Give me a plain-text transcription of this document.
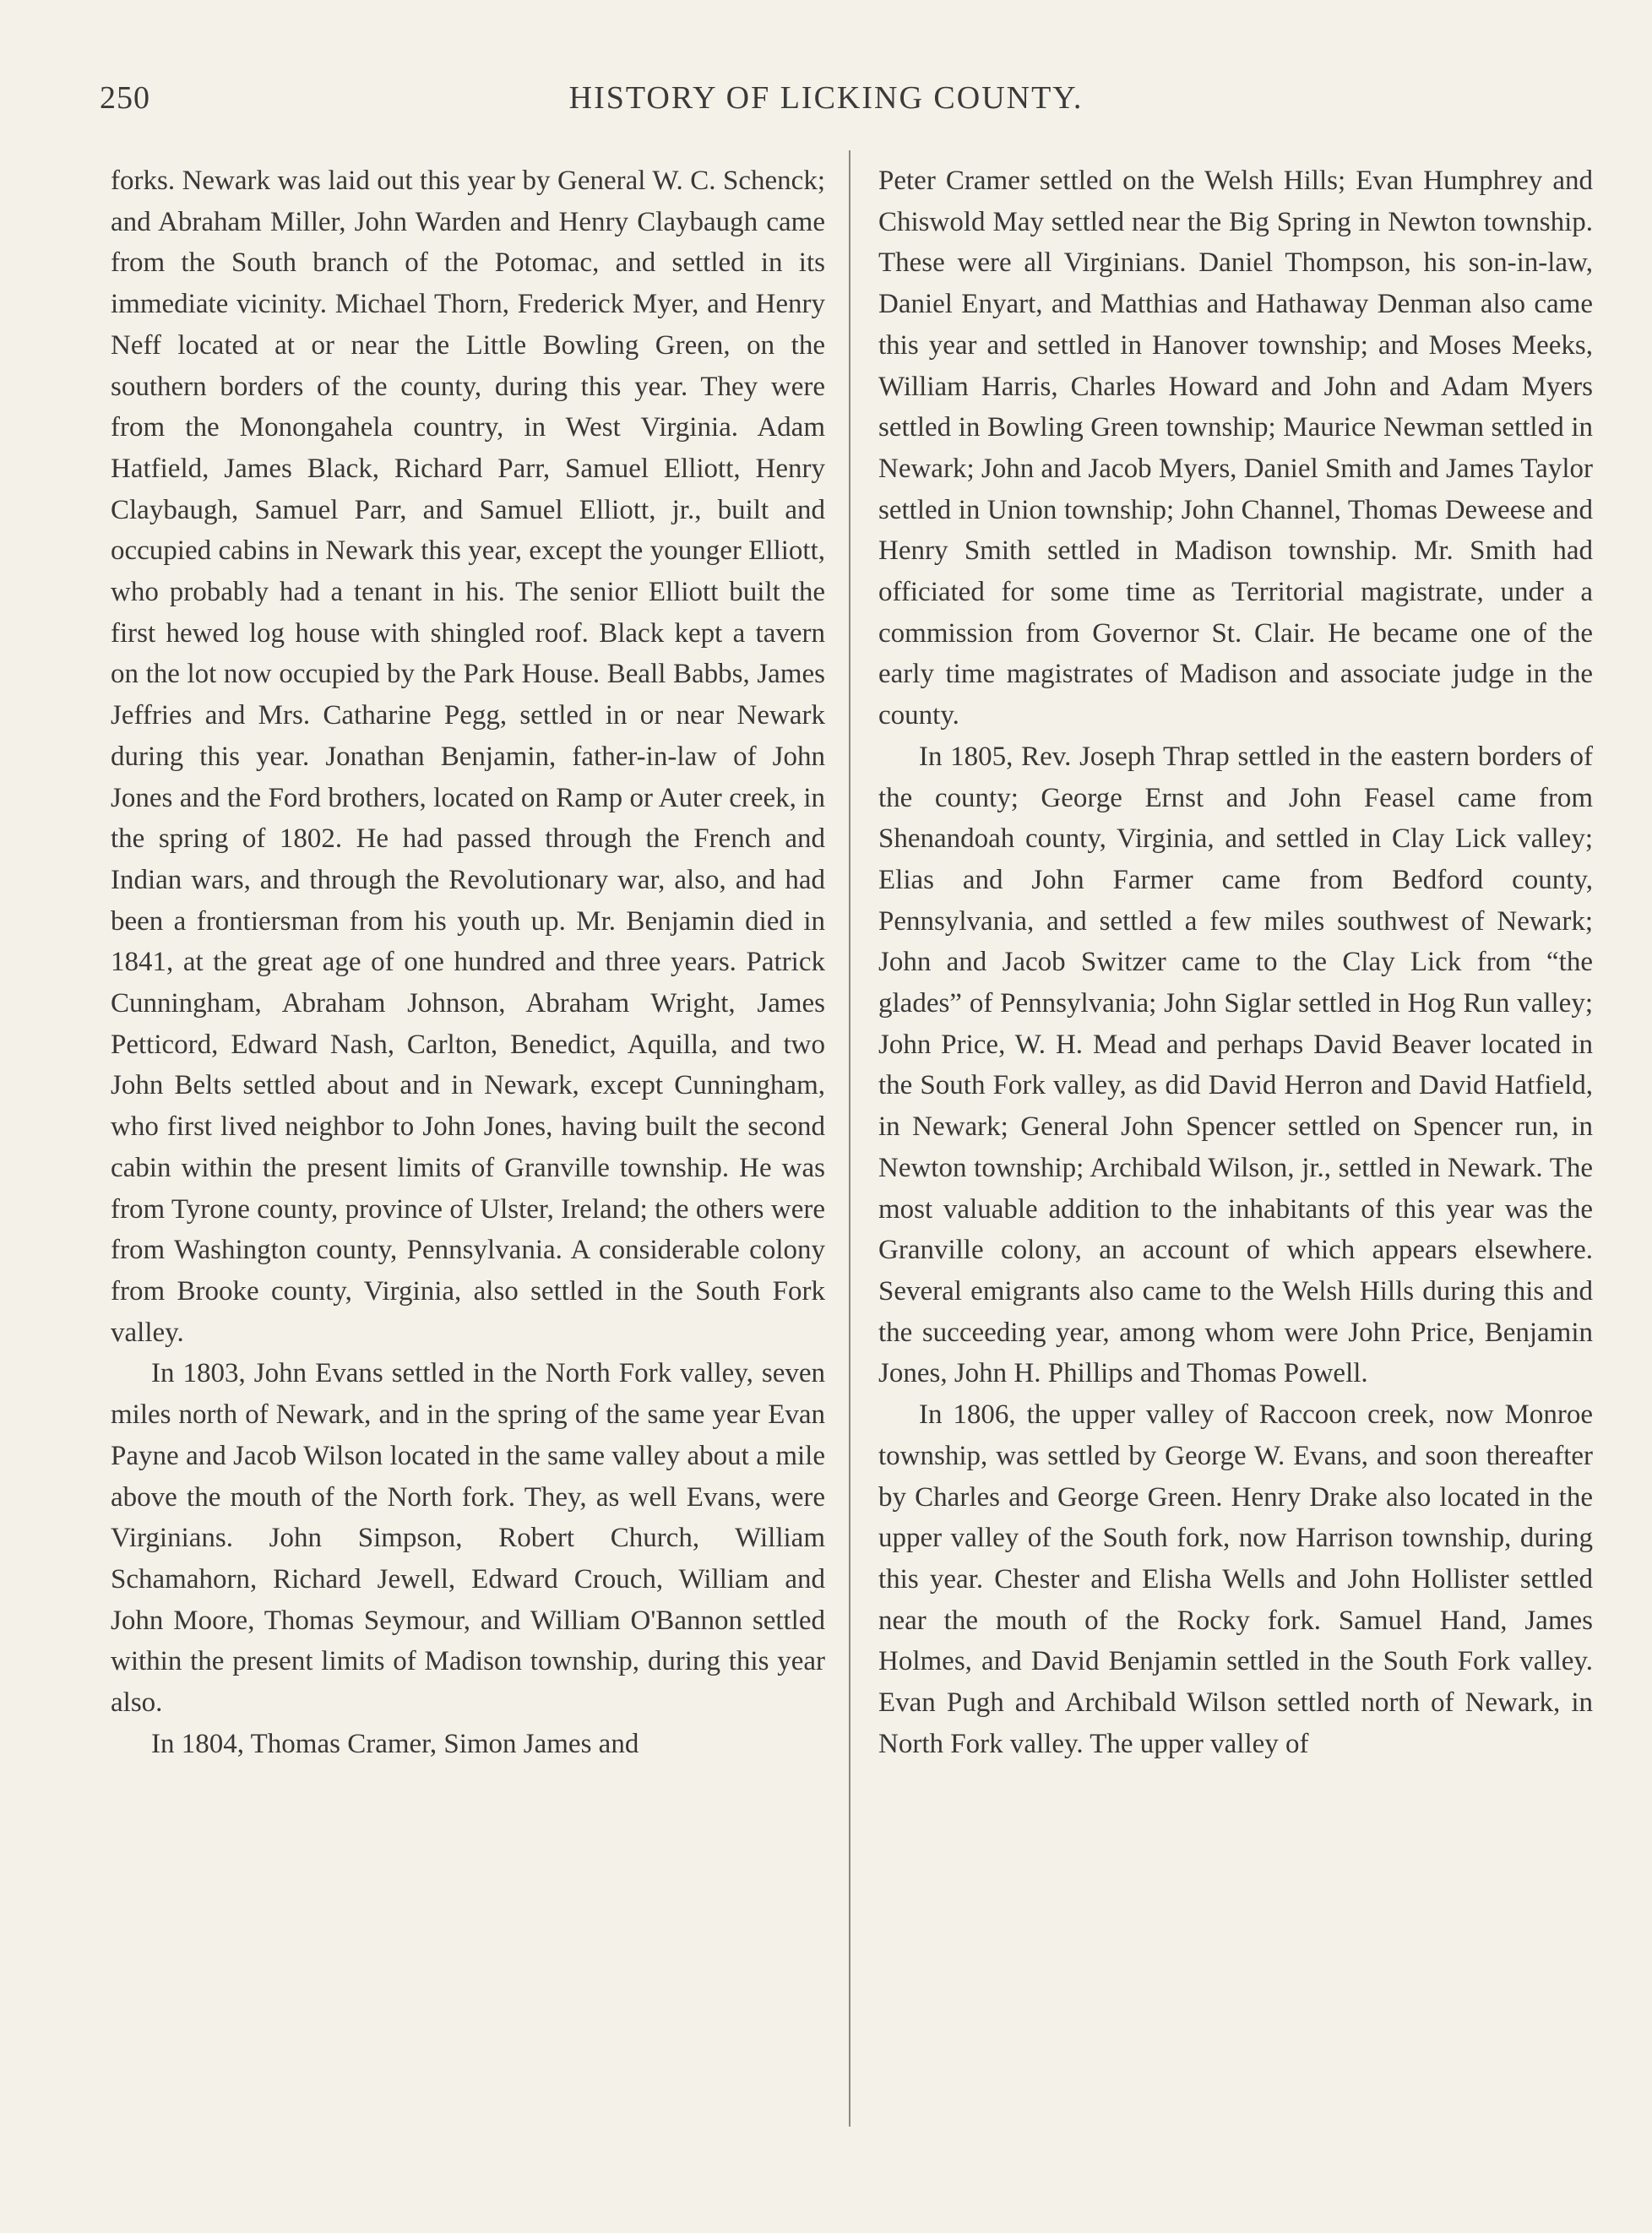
250	HISTORY OF LICKING COUNTY.

forks. Newark was laid out this year by General W. C. Schenck; and Abraham Miller, John Warden and Henry Claybaugh came from the South branch of the Potomac, and settled in its immediate vicinity. Michael Thorn, Frederick Myer, and Henry Neff located at or near the Little Bowling Green, on the southern borders of the county, during this year. They were from the Monongahela country, in West Virginia. Adam Hatfield, James Black, Richard Parr, Samuel Elliott, Henry Claybaugh, Samuel Parr, and Samuel Elliott, jr., built and occupied cabins in Newark this year, except the younger Elliott, who probably had a tenant in his. The senior Elliott built the first hewed log house with shingled roof. Black kept a tavern on the lot now occupied by the Park House. Beall Babbs, James Jeffries and Mrs. Catharine Pegg, settled in or near Newark during this year. Jonathan Benjamin, father-in-law of John Jones and the Ford brothers, located on Ramp or Auter creek, in the spring of 1802. He had passed through the French and Indian wars, and through the Revolutionary war, also, and had been a frontiersman from his youth up. Mr. Benjamin died in 1841, at the great age of one hundred and three years. Patrick Cunningham, Abraham Johnson, Abraham Wright, James Petticord, Edward Nash, Carlton, Benedict, Aquilla, and two John Belts settled about and in Newark, except Cunningham, who first lived neighbor to John Jones, having built the second cabin within the present limits of Granville township. He was from Tyrone county, province of Ulster, Ireland; the others were from Washington county, Pennsylvania. A considerable colony from Brooke county, Virginia, also settled in the South Fork valley.

In 1803, John Evans settled in the North Fork valley, seven miles north of Newark, and in the spring of the same year Evan Payne and Jacob Wilson located in the same valley about a mile above the mouth of the North fork. They, as well Evans, were Virginians. John Simpson, Robert Church, William Schamahorn, Richard Jewell, Edward Crouch, William and John Moore, Thomas Seymour, and William O'Bannon settled within the present limits of Madison township, during this year also.

In 1804, Thomas Cramer, Simon James and

Peter Cramer settled on the Welsh Hills; Evan Humphrey and Chiswold May settled near the Big Spring in Newton township. These were all Virginians. Daniel Thompson, his son-in-law, Daniel Enyart, and Matthias and Hathaway Denman also came this year and settled in Hanover township; and Moses Meeks, William Harris, Charles Howard and John and Adam Myers settled in Bowling Green township; Maurice Newman settled in Newark; John and Jacob Myers, Daniel Smith and James Taylor settled in Union township; John Channel, Thomas Deweese and Henry Smith settled in Madison township. Mr. Smith had officiated for some time as Territorial magistrate, under a commission from Governor St. Clair. He became one of the early time magistrates of Madison and associate judge in the county.

In 1805, Rev. Joseph Thrap settled in the eastern borders of the county; George Ernst and John Feasel came from Shenandoah county, Virginia, and settled in Clay Lick valley; Elias and John Farmer came from Bedford county, Pennsylvania, and settled a few miles southwest of Newark; John and Jacob Switzer came to the Clay Lick from “the glades” of Pennsylvania; John Siglar settled in Hog Run valley; John Price, W. H. Mead and perhaps David Beaver located in the South Fork valley, as did David Herron and David Hatfield, in Newark; General John Spencer settled on Spencer run, in Newton township; Archibald Wilson, jr., settled in Newark. The most valuable addition to the inhabitants of this year was the Granville colony, an account of which appears elsewhere. Several emigrants also came to the Welsh Hills during this and the succeeding year, among whom were John Price, Benjamin Jones, John H. Phillips and Thomas Powell.

In 1806, the upper valley of Raccoon creek, now Monroe township, was settled by George W. Evans, and soon thereafter by Charles and George Green. Henry Drake also located in the upper valley of the South fork, now Harrison township, during this year. Chester and Elisha Wells and John Hollister settled near the mouth of the Rocky fork. Samuel Hand, James Holmes, and David Benjamin settled in the South Fork valley. Evan Pugh and Archibald Wilson settled north of Newark, in North Fork valley. The upper valley of
